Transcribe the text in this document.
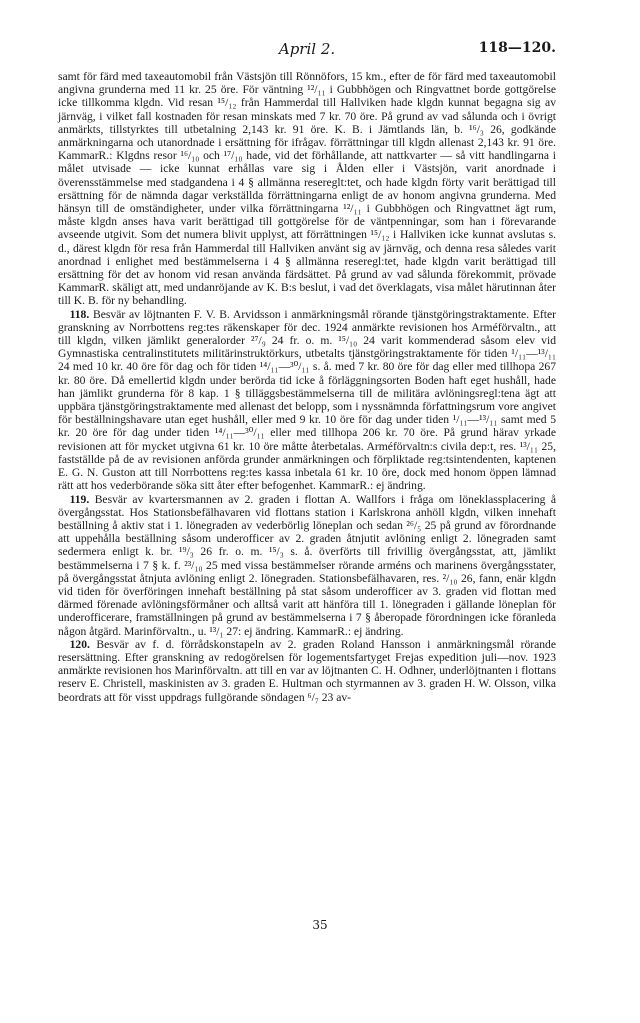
April 2.	118—120.

samt för färd med taxeautomobil från Västsjön till Rönnöfors, 15 km., efter de för färd med taxeautomobil angivna grunderna med 11 kr. 25 öre. För väntning ¹²/₁₁ i Gubbhögen och Ringvattnet borde gottgörelse icke tillkomma klgdn. Vid resan ¹⁵/₁₂ från Hammerdal till Hallviken hade klgdn kunnat begagna sig av järnväg, i vilket fall kostnaden för resan minskats med 7 kr. 70 öre. På grund av vad sålunda och i övrigt anmärkts, tillstyrktes till utbetalning 2,143 kr. 91 öre. K. B. i Jämtlands län, b. ¹⁶/₃ 26, godkände anmärkningarna och utanordnade i ersättning för ifrågav. förrättningar till klgdn allenast 2,143 kr. 91 öre. KammarR.: Klgdns resor ¹⁶/₁₀ och ¹⁷/₁₀ hade, vid det förhållande, att nattkvarter — så vitt handlingarna i målet utvisade — icke kunnat erhållas vare sig i Ålden eller i Västsjön, varit anordnade i överensstämmelse med stadgandena i 4 § allmänna resereglt:tet, och hade klgdn förty varit berättigad till ersättning för de nämnda dagar verkställda förrättningarna enligt de av honom angivna grunderna. Med hänsyn till de omständigheter, under vilka förrättningarna ¹²/₁₁ i Gubbhögen och Ringvattnet ägt rum, måste klgdn anses hava varit berättigad till gottgörelse för de väntpenningar, som han i förevarande avseende utgivit. Som det numera blivit upplyst, att förrättningen ¹⁵/₁₂ i Hallviken icke kunnat avslutas s. d., därest klgdn för resa från Hammerdal till Hallviken använt sig av järnväg, och denna resa således varit anordnad i enlighet med bestämmelserna i 4 § allmänna reseregl:tet, hade klgdn varit berättigad till ersättning för det av honom vid resan använda färdsättet. På grund av vad sålunda förekommit, prövade KammarR. skäligt att, med undanröjande av K. B:s beslut, i vad det överklagats, visa målet härutinnan åter till K. B. för ny behandling.

 118. Besvär av löjtnanten F. V. B. Arvidsson i anmärkningsmål rörande tjänstgöringstraktamente. Efter granskning av Norrbottens reg:tes räkenskaper för dec. 1924 anmärkte revisionen hos Arméförvaltn., att till klgdn, vilken jämlikt generalorder ²⁷/₉ 24 fr. o. m. ¹⁵/₁₀ 24 varit kommenderad såsom elev vid Gymnastiska centralinstitutets militärinstruktörkurs, utbetalts tjänstgöringstraktamente för tiden ¹/₁₁—¹³/₁₁ 24 med 10 kr. 40 öre för dag och för tiden ¹⁴/₁₁—³⁰/₁₁ s. å. med 7 kr. 80 öre för dag eller med tillhopa 267 kr. 80 öre. Då emellertid klgdn under berörda tid icke å förläggningsorten Boden haft eget hushåll, hade han jämlikt grunderna för 8 kap. 1 § tilläggsbestämmelserna till de militära avlöningsregl:tena ägt att uppbära tjänstgöringstraktamente med allenast det belopp, som i nyssnämnda författningsrum vore angivet för beställningshavare utan eget hushåll, eller med 9 kr. 10 öre för dag under tiden ¹/₁₁—¹³/₁₁ samt med 5 kr. 20 öre för dag under tiden ¹⁴/₁₁—³⁰/₁₁ eller med tillhopa 206 kr. 70 öre. På grund härav yrkade revisionen att för mycket utgivna 61 kr. 10 öre måtte återbetalas. Arméförvaltn:s civila dep:t, res. ¹³/₁₁ 25, fastställde på de av revisionen anförda grunder anmärkningen och förpliktade reg:tsintendenten, kaptenen E. G. N. Guston att till Norrbottens reg:tes kassa inbetala 61 kr. 10 öre, dock med honom öppen lämnad rätt att hos vederbörande söka sitt åter efter befogenhet. KammarR.: ej ändring.

 119. Besvär av kvartersmannen av 2. graden i flottan A. Wallfors i fråga om löneklassplacering å övergångsstat. Hos Stationsbefälhavaren vid flottans station i Karlskrona anhöll klgdn, vilken innehaft beställning å aktiv stat i 1. lönegraden av vederbörlig löneplan och sedan ²⁶/₅ 25 på grund av förordnande att uppehålla beställning såsom underofficer av 2. graden åtnjutit avlöning enligt 2. lönegraden samt sedermera enligt k. br. ¹⁹/₃ 26 fr. o. m. ¹⁵/₃ s. å. överförts till frivillig övergångsstat, att, jämlikt bestämmelserna i 7 § k. f. ²³/₁₀ 25 med vissa bestämmelser rörande arméns och marinens övergångsstater, på övergångsstat åtnjuta avlöning enligt 2. lönegraden. Stationsbefälhavaren, res. ²/₁₀ 26, fann, enär klgdn vid tiden för överföringen innehaft beställning på stat såsom underofficer av 3. graden vid flottan med därmed förenade avlöningsförmåner och alltså varit att hänföra till 1. lönegraden i gällande löneplan för underofficerare, framställningen på grund av bestämmelserna i 7 § åberopade förordningen icke föranleda någon åtgärd. Marinförvaltn., u. ¹³/₁ 27: ej ändring. KammarR.: ej ändring.

 120. Besvär av f. d. förrådskonstapeln av 2. graden Roland Hansson i anmärkningsmål rörande resersättning. Efter granskning av redogörelsen för logementsfartyget Frejas expedition juli—nov. 1923 anmärkte revisionen hos Marinförvaltn. att till en var av löjtnanten C. H. Odhner, underlöjtnanten i flottans reserv E. Christell, maskinisten av 3. graden E. Hultman och styrmannen av 3. graden H. W. Olsson, vilka beordrats att för visst uppdrags fullgörande söndagen ⁶/₇ 23 av-

35
